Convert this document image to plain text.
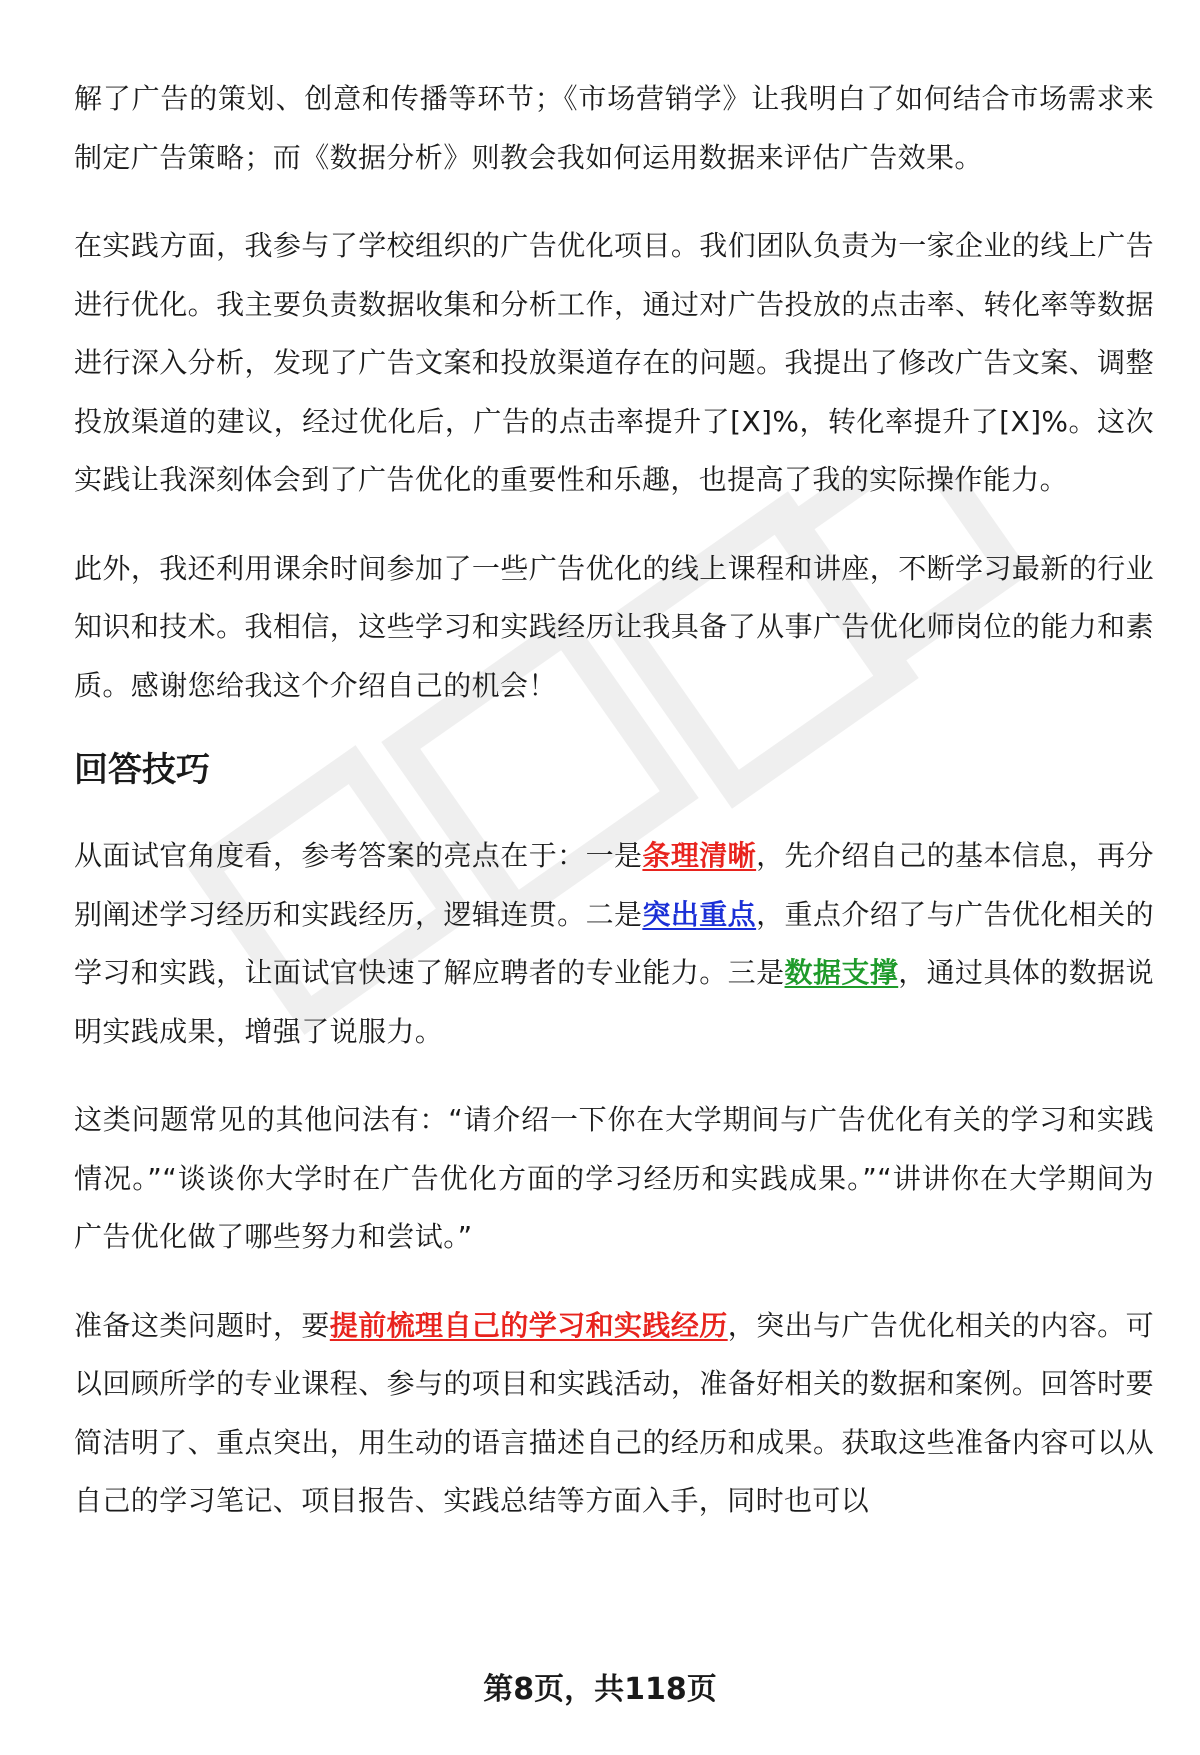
解了广告的策划、创意和传播等环节；《市场营销学》让我明白了如何结合市场需求来制定广告策略；而《数据分析》则教会我如何运用数据来评估广告效果。

在实践方面，我参与了学校组织的广告优化项目。我们团队负责为一家企业的线上广告进行优化。我主要负责数据收集和分析工作，通过对广告投放的点击率、转化率等数据进行深入分析，发现了广告文案和投放渠道存在的问题。我提出了修改广告文案、调整投放渠道的建议，经过优化后，广告的点击率提升了[X]%，转化率提升了[X]%。这次实践让我深刻体会到了广告优化的重要性和乐趣，也提高了我的实际操作能力。

此外，我还利用课余时间参加了一些广告优化的线上课程和讲座，不断学习最新的行业知识和技术。我相信，这些学习和实践经历让我具备了从事广告优化师岗位的能力和素质。感谢您给我这个介绍自己的机会！

回答技巧

从面试官角度看，参考答案的亮点在于：一是条理清晰，先介绍自己的基本信息，再分别阐述学习经历和实践经历，逻辑连贯。二是突出重点，重点介绍了与广告优化相关的学习和实践，让面试官快速了解应聘者的专业能力。三是数据支撑，通过具体的数据说明实践成果，增强了说服力。

这类问题常见的其他问法有：“请介绍一下你在大学期间与广告优化有关的学习和实践情况。”“谈谈你大学时在广告优化方面的学习经历和实践成果。”“讲讲你在大学期间为广告优化做了哪些努力和尝试。”

准备这类问题时，要提前梳理自己的学习和实践经历，突出与广告优化相关的内容。可以回顾所学的专业课程、参与的项目和实践活动，准备好相关的数据和案例。回答时要简洁明了、重点突出，用生动的语言描述自己的经历和成果。获取这些准备内容可以从自己的学习笔记、项目报告、实践总结等方面入手，同时也可以

第8页，共118页
